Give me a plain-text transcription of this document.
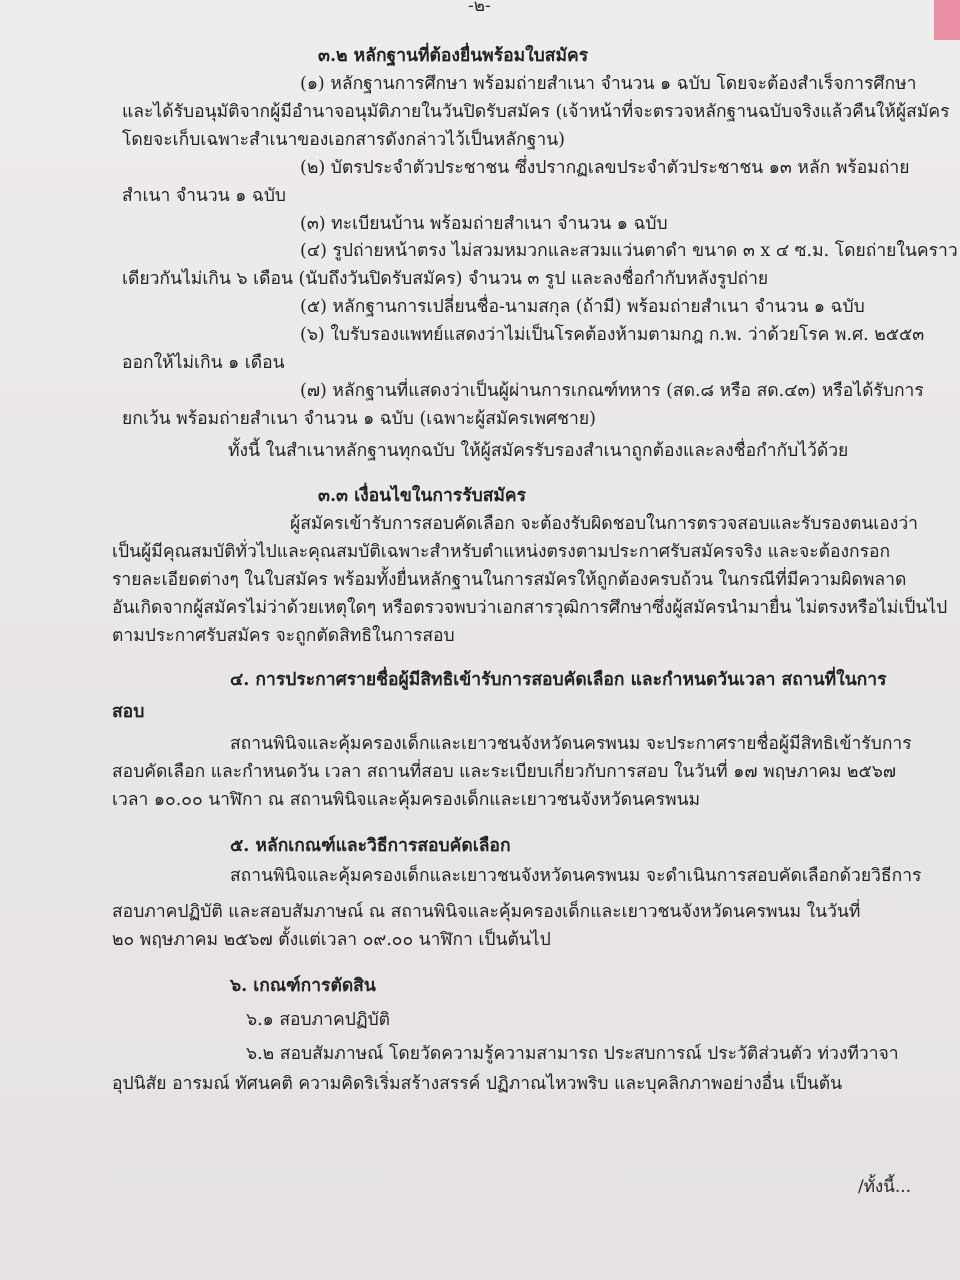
-๒-
๓.๒ หลักฐานที่ต้องยื่นพร้อมใบสมัคร
(๑) หลักฐานการศึกษา พร้อมถ่ายสำเนา จำนวน ๑ ฉบับ โดยจะต้องสำเร็จการศึกษา
และได้รับอนุมัติจากผู้มีอำนาจอนุมัติภายในวันปิดรับสมัคร (เจ้าหน้าที่จะตรวจหลักฐานฉบับจริงแล้วคืนให้ผู้สมัคร
โดยจะเก็บเฉพาะสำเนาของเอกสารดังกล่าวไว้เป็นหลักฐาน)
(๒) บัตรประจำตัวประชาชน ซึ่งปรากฏเลขประจำตัวประชาชน ๑๓ หลัก พร้อมถ่าย
สำเนา จำนวน ๑ ฉบับ
(๓) ทะเบียนบ้าน พร้อมถ่ายสำเนา จำนวน ๑ ฉบับ
(๔) รูปถ่ายหน้าตรง ไม่สวมหมวกและสวมแว่นตาดำ ขนาด ๓ x ๔ ซ.ม. โดยถ่ายในคราว
เดียวกันไม่เกิน ๖ เดือน (นับถึงวันปิดรับสมัคร) จำนวน ๓ รูป และลงชื่อกำกับหลังรูปถ่าย
(๕) หลักฐานการเปลี่ยนชื่อ-นามสกุล (ถ้ามี) พร้อมถ่ายสำเนา จำนวน ๑ ฉบับ
(๖) ใบรับรองแพทย์แสดงว่าไม่เป็นโรคต้องห้ามตามกฎ ก.พ. ว่าด้วยโรค พ.ศ. ๒๕๕๓
ออกให้ไม่เกิน ๑ เดือน
(๗) หลักฐานที่แสดงว่าเป็นผู้ผ่านการเกณฑ์ทหาร (สด.๘ หรือ สด.๔๓) หรือได้รับการ
ยกเว้น พร้อมถ่ายสำเนา จำนวน ๑ ฉบับ (เฉพาะผู้สมัครเพศชาย)
ทั้งนี้ ในสำเนาหลักฐานทุกฉบับ ให้ผู้สมัครรับรองสำเนาถูกต้องและลงชื่อกำกับไว้ด้วย
๓.๓ เงื่อนไขในการรับสมัคร
ผู้สมัครเข้ารับการสอบคัดเลือก จะต้องรับผิดชอบในการตรวจสอบและรับรองตนเองว่า
เป็นผู้มีคุณสมบัติทั่วไปและคุณสมบัติเฉพาะสำหรับตำแหน่งตรงตามประกาศรับสมัครจริง และจะต้องกรอก
รายละเอียดต่างๆ ในใบสมัคร พร้อมทั้งยื่นหลักฐานในการสมัครให้ถูกต้องครบถ้วน ในกรณีที่มีความผิดพลาด
อันเกิดจากผู้สมัครไม่ว่าด้วยเหตุใดๆ หรือตรวจพบว่าเอกสารวุฒิการศึกษาซึ่งผู้สมัครนำมายื่น ไม่ตรงหรือไม่เป็นไป
ตามประกาศรับสมัคร จะถูกตัดสิทธิในการสอบ
๔. การประกาศรายชื่อผู้มีสิทธิเข้ารับการสอบคัดเลือก และกำหนดวันเวลา สถานที่ในการ
สอบ
สถานพินิจและคุ้มครองเด็กและเยาวชนจังหวัดนครพนม จะประกาศรายชื่อผู้มีสิทธิเข้ารับการ
สอบคัดเลือก และกำหนดวัน เวลา สถานที่สอบ และระเบียบเกี่ยวกับการสอบ ในวันที่ ๑๗ พฤษภาคม ๒๕๖๗
เวลา ๑๐.๐๐ นาฬิกา ณ สถานพินิจและคุ้มครองเด็กและเยาวชนจังหวัดนครพนม
๕. หลักเกณฑ์และวิธีการสอบคัดเลือก
สถานพินิจและคุ้มครองเด็กและเยาวชนจังหวัดนครพนม จะดำเนินการสอบคัดเลือกด้วยวิธีการ
สอบภาคปฏิบัติ และสอบสัมภาษณ์ ณ สถานพินิจและคุ้มครองเด็กและเยาวชนจังหวัดนครพนม ในวันที่
๒๐ พฤษภาคม ๒๕๖๗ ตั้งแต่เวลา ๐๙.๐๐ นาฬิกา เป็นต้นไป
๖. เกณฑ์การตัดสิน
๖.๑ สอบภาคปฏิบัติ
๖.๒ สอบสัมภาษณ์ โดยวัดความรู้ความสามารถ ประสบการณ์ ประวัติส่วนตัว ท่วงทีวาจา
อุปนิสัย อารมณ์ ทัศนคติ ความคิดริเริ่มสร้างสรรค์ ปฏิภาณไหวพริบ และบุคลิกภาพอย่างอื่น เป็นต้น
/ทั้งนี้...
